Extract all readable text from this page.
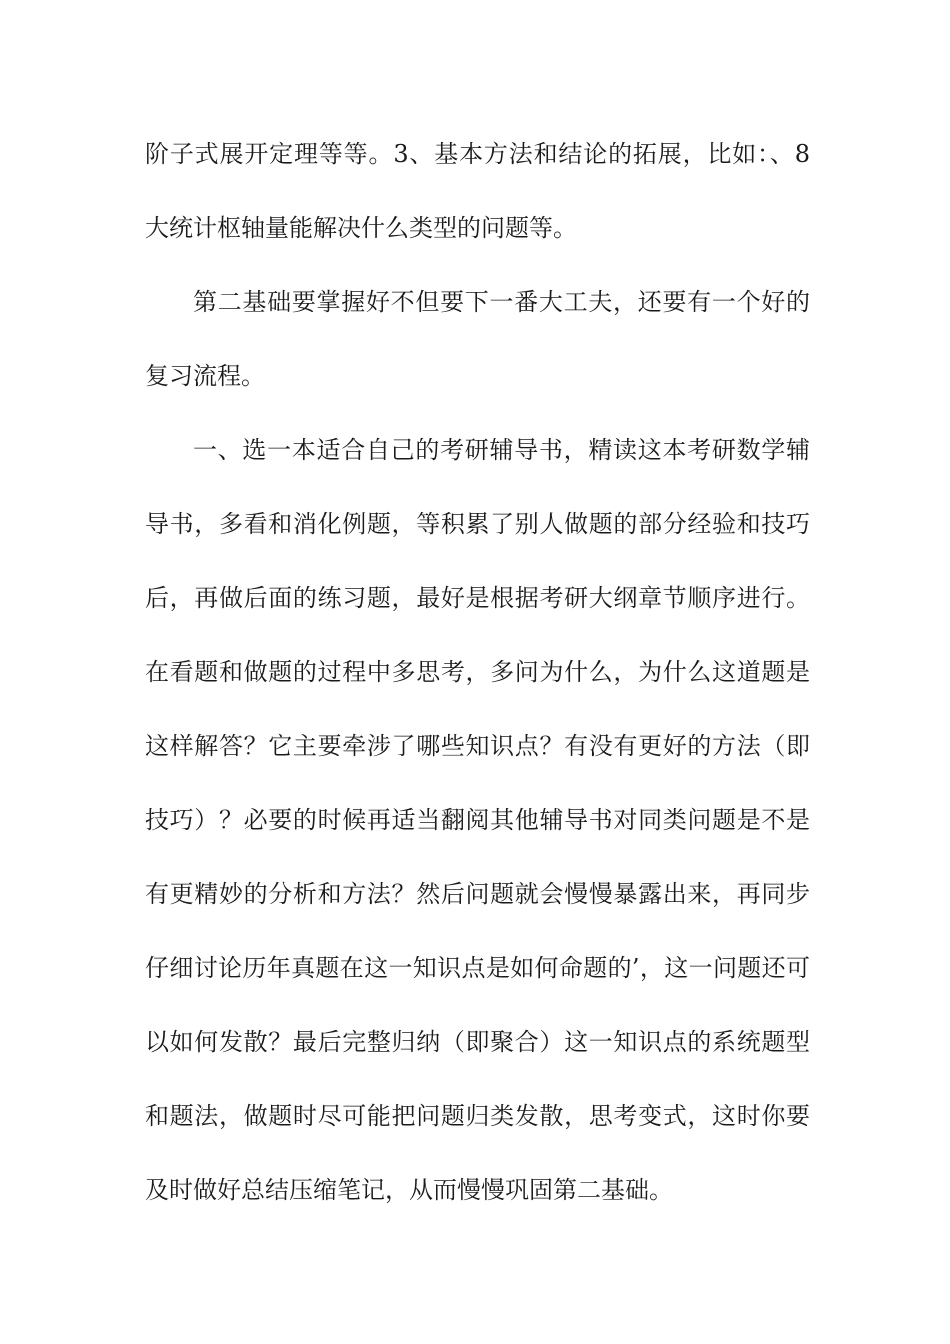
阶子式展开定理等等。3、基本方法和结论的拓展，比如：、8
大统计枢轴量能解决什么类型的问题等。
第二基础要掌握好不但要下一番大工夫，还要有一个好的
复习流程。
一、选一本适合自己的考研辅导书，精读这本考研数学辅
导书，多看和消化例题，等积累了别人做题的部分经验和技巧
后，再做后面的练习题，最好是根据考研大纲章节顺序进行。
在看题和做题的过程中多思考，多问为什么，为什么这道题是
这样解答？它主要牵涉了哪些知识点？有没有更好的方法（即
技巧）？必要的时候再适当翻阅其他辅导书对同类问题是不是
有更精妙的分析和方法？然后问题就会慢慢暴露出来，再同步
仔细讨论历年真题在这一知识点是如何命题的’，这一问题还可
以如何发散？最后完整归纳（即聚合）这一知识点的系统题型
和题法，做题时尽可能把问题归类发散，思考变式，这时你要
及时做好总结压缩笔记，从而慢慢巩固第二基础。
